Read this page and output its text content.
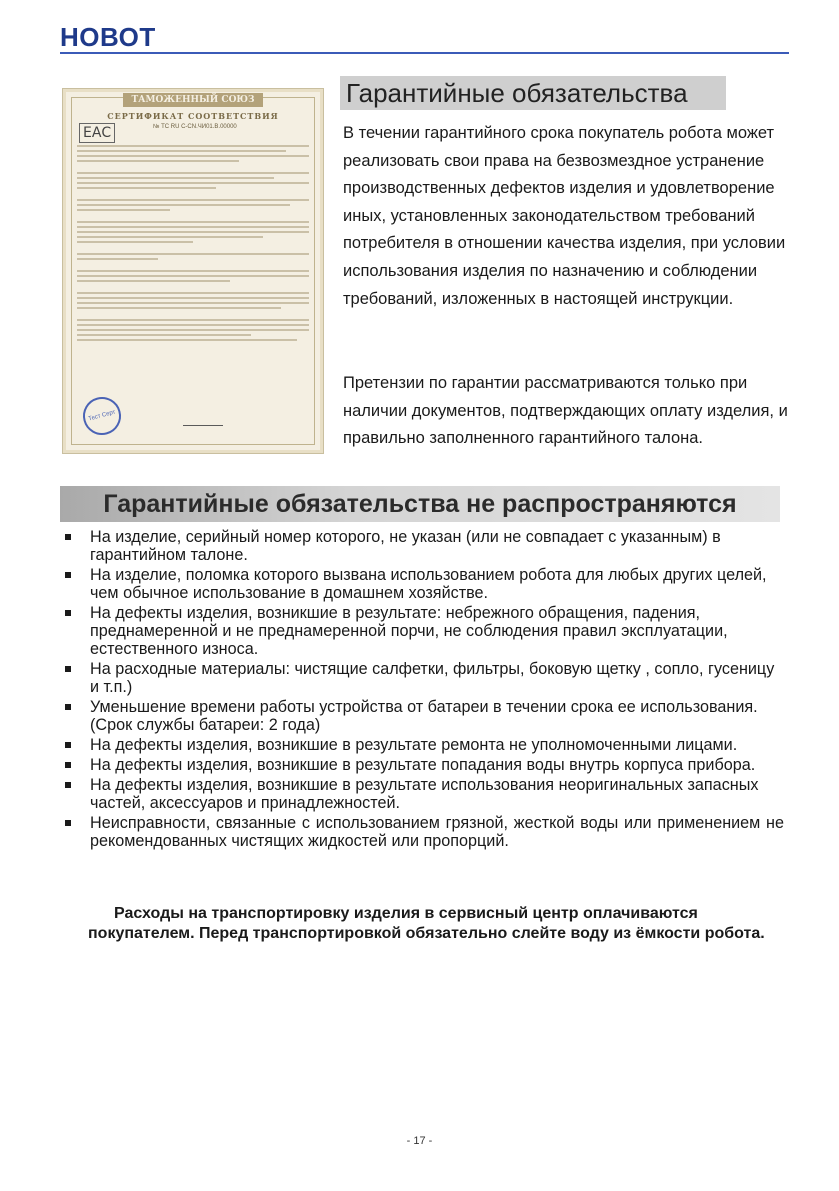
НОВОТ
ТАМОЖЕННЫЙ СОЮЗ
СЕРТИФИКАТ СООТВЕТСТВИЯ
ЕАС	№ ТС RU C-CN.ЧИ01.В.00000
Тест Серт
Гарантийные обязательства
В течении гарантийного срока покупатель робота может реализовать свои права на безвозмездное устранение производственных дефектов изделия и удовлетворение иных, установленных законодательством требований потребителя в отношении качества изделия, при условии использования изделия по назначению и соблюдении требований, изложенных в настоящей инструкции.
Претензии по гарантии рассматриваются только при наличии документов, подтверждающих оплату изделия, и правильно заполненного гарантийного талона.
Гарантийные обязательства не распространяются
На изделие, серийный номер которого, не указан (или не совпадает с указанным) в гарантийном талоне.
На изделие, поломка которого вызвана использованием робота для любых других целей, чем обычное использование в домашнем хозяйстве.
На дефекты изделия, возникшие в результате: небрежного обращения, падения, преднамеренной и не преднамеренной порчи, не соблюдения правил эксплуатации, естественного износа.
На расходные материалы: чистящие салфетки, фильтры, боковую щетку , сопло, гусеницу и т.п.)
Уменьшение времени работы устройства от батареи в течении срока ее использования. (Срок службы батареи: 2 года)
На дефекты изделия, возникшие в результате ремонта не уполномоченными лицами.
На дефекты изделия, возникшие в результате попадания воды внутрь корпуса прибора.
На дефекты изделия, возникшие в результате использования неоригинальных запасных частей, аксессуаров и принадлежностей.
Неисправности, связанные с использованием грязной, жесткой воды или применением не рекомендованных чистящих жидкостей или пропорций.
Расходы на транспортировку изделия в сервисный центр оплачиваются покупателем. Перед транспортировкой обязательно слейте воду из ёмкости робота.
- 17 -
